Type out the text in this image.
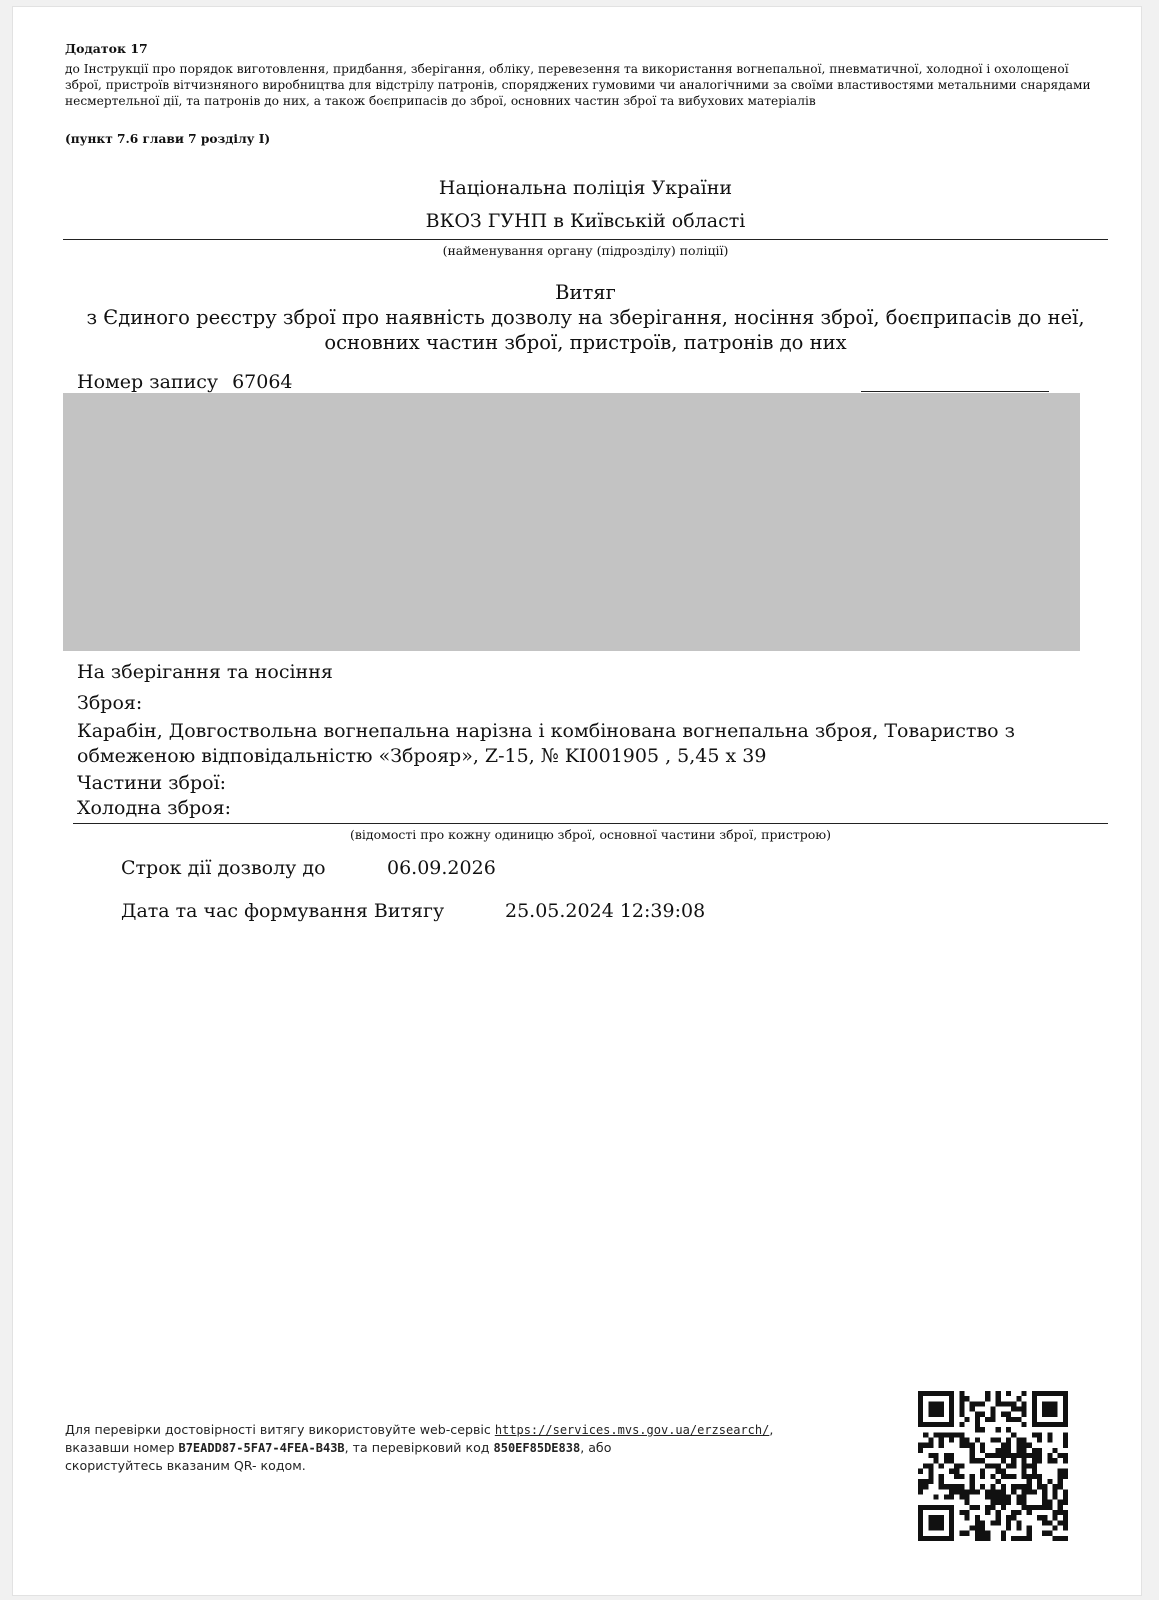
Додаток 17
до Інструкції про порядок виготовлення, придбання, зберігання, обліку, перевезення та використання вогнепальної, пневматичної, холодної і охолощеної зброї, пристроїв вітчизняного виробництва для відстрілу патронів, споряджених гумовими чи аналогічними за своїми властивостями метальними снарядами несмертельної дії, та патронів до них, а також боєприпасів до зброї, основних частин зброї та вибухових матеріалів
(пункт 7.6 глави 7 розділу I)
Національна поліція України
ВКОЗ ГУНП в Київській області
(найменування органу (підрозділу) поліції)
Витяг
з Єдиного реєстру зброї про наявність дозволу на зберігання, носіння зброї, боєприпасів до неї, основних частин зброї, пристроїв, патронів до них
Номер запису 67064
На зберігання та носіння
Зброя:
Карабін, Довгоствольна вогнепальна нарізна і комбінована вогнепальна зброя, Товариство з обмеженою відповідальністю «Зброяр», Z-15, № KI001905 , 5,45 х 39
Частини зброї:
Холодна зброя:
(відомості про кожну одиницю зброї, основної частини зброї, пристрою)
Строк дії дозволу до	06.09.2026
Дата та час формування Витягу	25.05.2024 12:39:08
Для перевірки достовірності витягу використовуйте web-сервіс https://services.mvs.gov.ua/erzsearch/,
вказавши номер B7EADD87-5FA7-4FEA-B43B, та перевірковий код 850EF85DE838, або
скористуйтесь вказаним QR- кодом.
